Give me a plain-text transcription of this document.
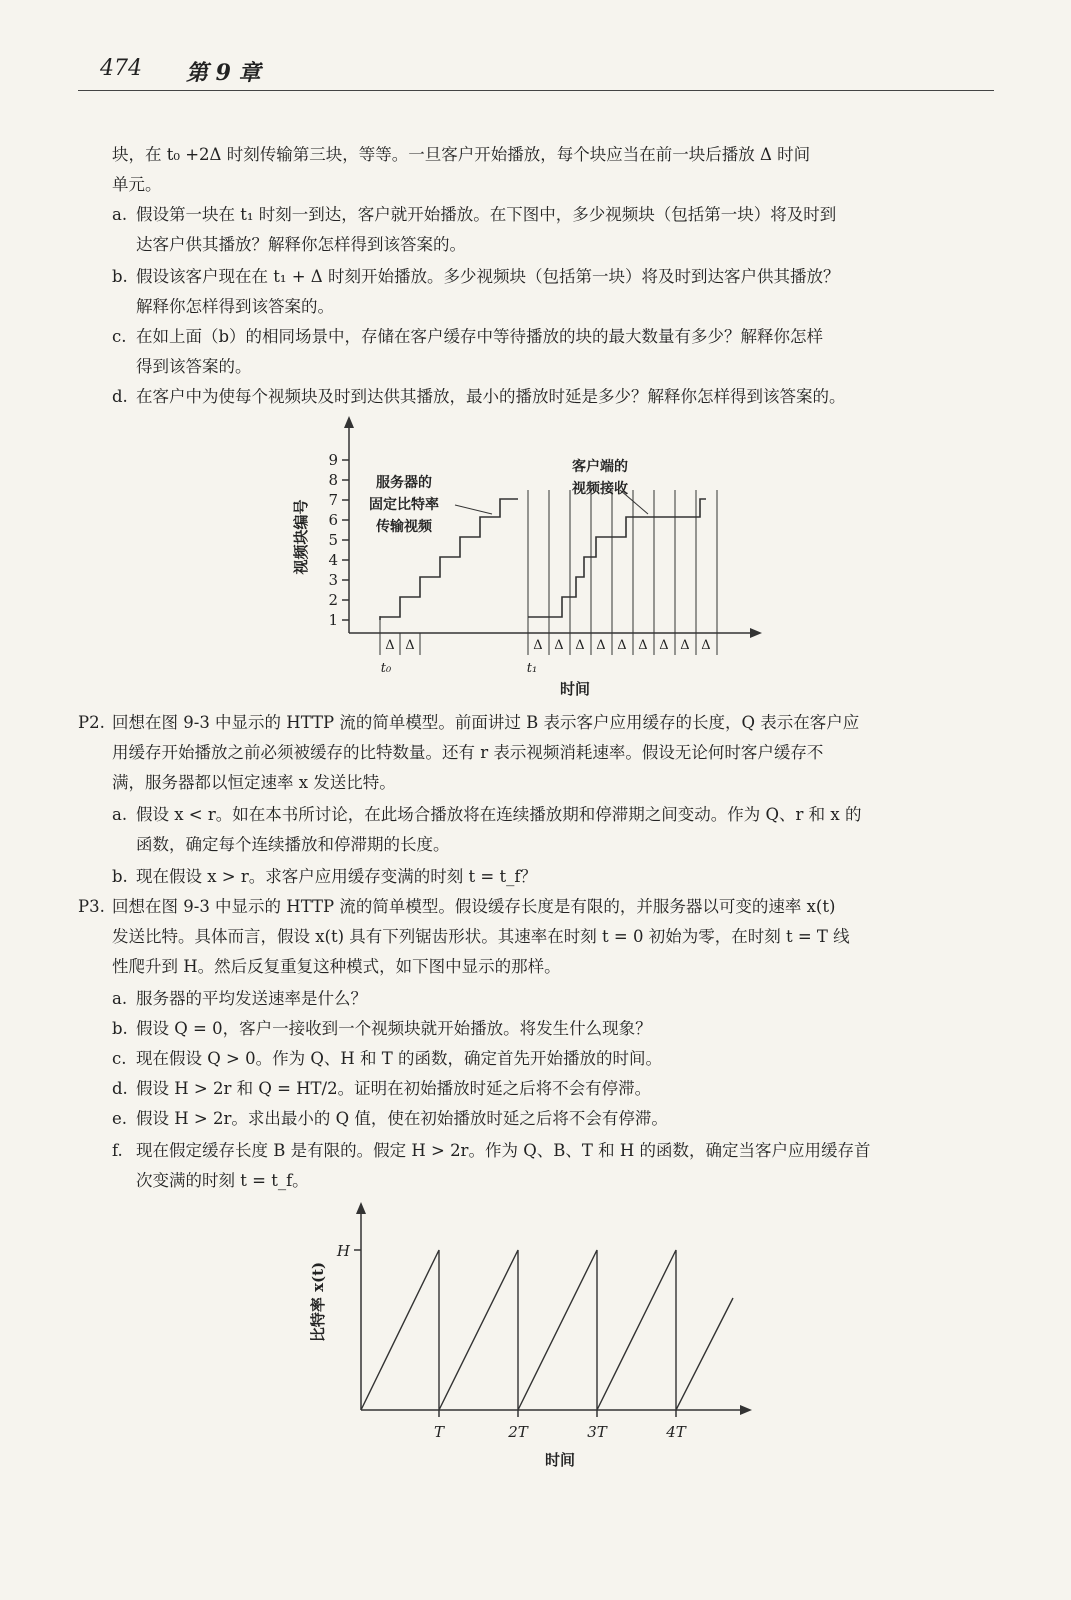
474 第 9 章
块，在 t₀ +2Δ 时刻传输第三块，等等。一旦客户开始播放，每个块应当在前一块后播放 Δ 时间
单元。
a. 假设第一块在 t₁ 时刻一到达，客户就开始播放。在下图中，多少视频块（包括第一块）将及时到
达客户供其播放？解释你怎样得到该答案的。
b. 假设该客户现在在 t₁ + Δ 时刻开始播放。多少视频块（包括第一块）将及时到达客户供其播放？
解释你怎样得到该答案的。
c. 在如上面（b）的相同场景中，存储在客户缓存中等待播放的块的最大数量有多少？解释你怎样
得到该答案的。
d. 在客户中为使每个视频块及时到达供其播放，最小的播放时延是多少？解释你怎样得到该答案的。
1
2
3
4
5
6
7
8
9
视频块编号
服务器的
固定比特率
传输视频
客户端的
视频接收
Δ Δ	Δ Δ Δ Δ Δ Δ Δ Δ Δ
t₀	t₁
时间
H
比特率 x(t)
T	2T	3T	4T
时间
P2. 回想在图 9-3 中显示的 HTTP 流的简单模型。前面讲过 B 表示客户应用缓存的长度，Q 表示在客户应
用缓存开始播放之前必须被缓存的比特数量。还有 r 表示视频消耗速率。假设无论何时客户缓存不
满，服务器都以恒定速率 x 发送比特。
a. 假设 x < r。如在本书所讨论，在此场合播放将在连续播放期和停滞期之间变动。作为 Q、r 和 x 的
函数，确定每个连续播放和停滞期的长度。
b. 现在假设 x > r。求客户应用缓存变满的时刻 t = t_f？
P3. 回想在图 9-3 中显示的 HTTP 流的简单模型。假设缓存长度是有限的，并服务器以可变的速率 x(t)
发送比特。具体而言，假设 x(t) 具有下列锯齿形状。其速率在时刻 t = 0 初始为零，在时刻 t = T 线
性爬升到 H。然后反复重复这种模式，如下图中显示的那样。
a. 服务器的平均发送速率是什么？
b. 假设 Q = 0，客户一接收到一个视频块就开始播放。将发生什么现象？
c. 现在假设 Q > 0。作为 Q、H 和 T 的函数，确定首先开始播放的时间。
d. 假设 H > 2r 和 Q = HT/2。证明在初始播放时延之后将不会有停滞。
e. 假设 H > 2r。求出最小的 Q 值，使在初始播放时延之后将不会有停滞。
f. 现在假定缓存长度 B 是有限的。假定 H > 2r。作为 Q、B、T 和 H 的函数，确定当客户应用缓存首
次变满的时刻 t = t_f。
